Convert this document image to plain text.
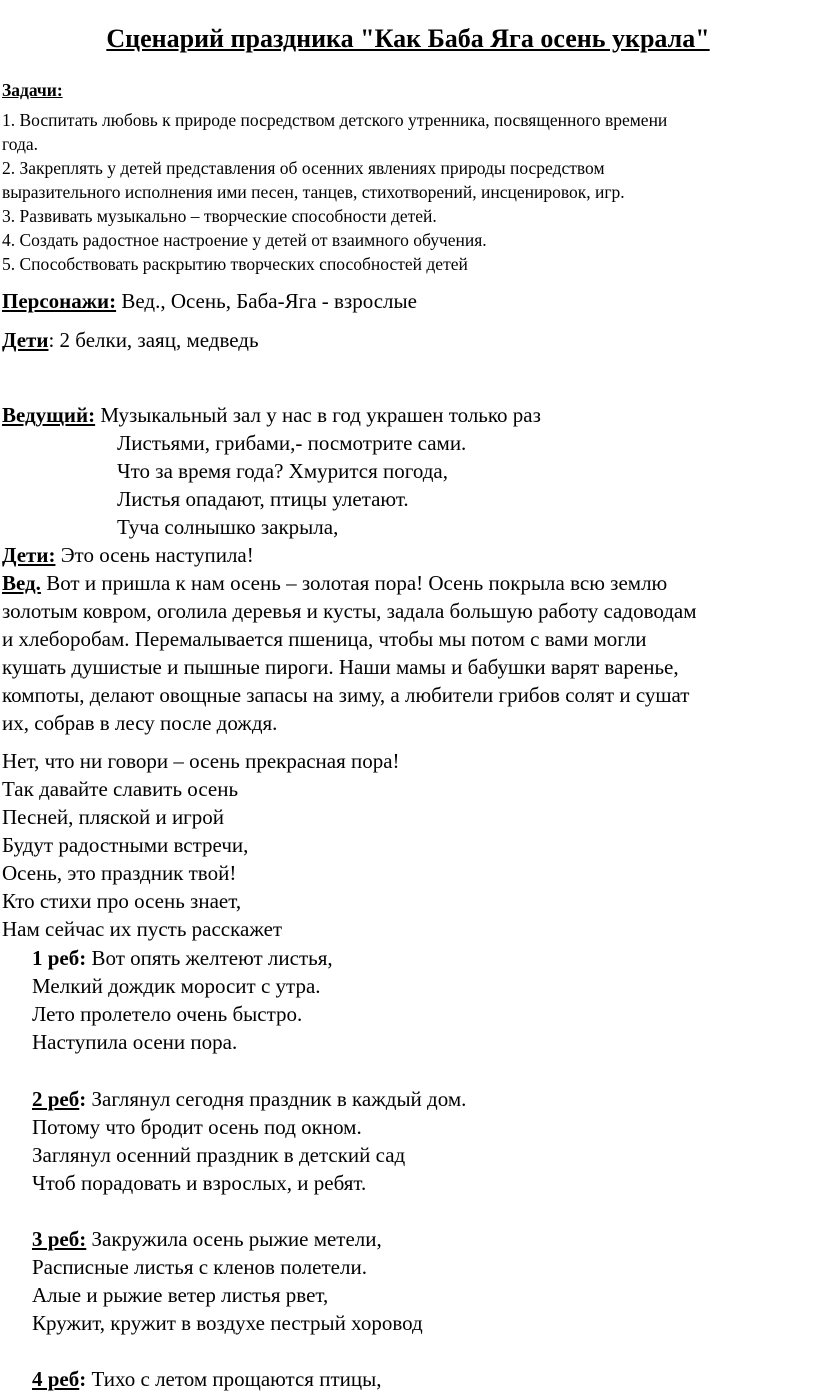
Сценарий праздника "Как Баба Яга осень украла"
Задачи:
1. Воспитать любовь к природе посредством детского утренника, посвященного времени
года.
2. Закреплять у детей представления об осенних явлениях природы посредством
выразительного исполнения ими песен, танцев, стихотворений, инсценировок, игр.
3. Развивать музыкально – творческие способности детей.
4. Создать радостное настроение у детей от взаимного обучения.
5. Способствовать раскрытию творческих способностей детей
Персонажи: Вед., Осень, Баба-Яга - взрослые
Дети: 2 белки, заяц, медведь
Ведущий: Музыкальный зал у нас в год украшен только раз
Листьями, грибами,- посмотрите сами.
Что за время года? Хмурится погода,
Листья опадают, птицы улетают.
Туча солнышко закрыла,
Дети: Это осень наступила!
Вед. Вот и пришла к нам осень – золотая пора! Осень покрыла всю землю
золотым ковром, оголила деревья и кусты, задала большую работу садоводам
и хлеборобам. Перемалывается пшеница, чтобы мы потом с вами могли
кушать душистые и пышные пироги. Наши мамы и бабушки варят варенье,
компоты, делают овощные запасы на зиму, а любители грибов солят и сушат
их, собрав в лесу после дождя.
Нет, что ни говори – осень прекрасная пора!
Так давайте славить осень
Песней, пляской и игрой
Будут радостными встречи,
Осень, это праздник твой!
Кто стихи про осень знает,
Нам сейчас их пусть расскажет
1 реб: Вот опять желтеют листья,
Мелкий дождик моросит с утра.
Лето пролетело очень быстро.
Наступила осени пора.
2 реб: Заглянул сегодня праздник в каждый дом.
Потому что бродит осень под окном.
Заглянул осенний праздник в детский сад
Чтоб порадовать и взрослых, и ребят.
3 реб: Закружила осень рыжие метели,
Расписные листья с кленов полетели.
Алые и рыжие ветер листья рвет,
Кружит, кружит в воздухе пестрый хоровод
4 реб: Тихо с летом прощаются птицы,
